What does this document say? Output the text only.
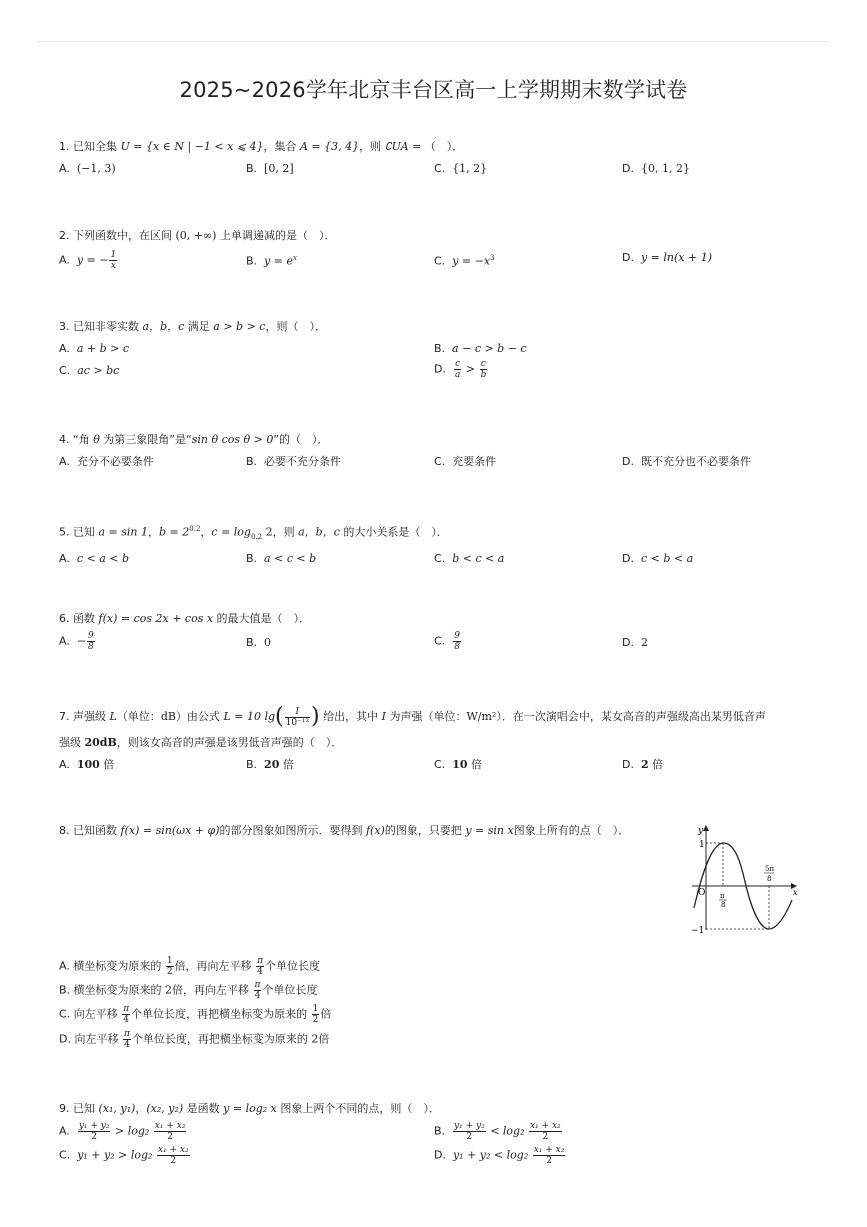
2025~2026学年北京丰台区高一上学期期末数学试卷
1. 已知全集 U = {x ∈ N | −1 < x ⩽ 4}，集合 A = {3, 4}，则 ∁UA = （　）．
A. (−1, 3)	B. [0, 2]	C. {1, 2}	D. {0, 1, 2}
2. 下列函数中，在区间 (0, +∞) 上单调递减的是（　）．
A. y = − $\frac{1}{x}$	B. $y = e^x$	C. $y = -x^3$	D. y = ln(x + 1)
3. 已知非零实数 a，b，c 满足 a > b > c，则（　）．
A. a + b > c	B. a − c > b − c
C. ac > bc	D. $\frac{c}{a} > \frac{c}{b}$
4. “角 θ 为第三象限角”是“sin θ cos θ > 0”的（　）．
A. 充分不必要条件	B. 必要不充分条件	C. 充要条件	D. 既不充分也不必要条件
5. 已知 a = sin 1，$b = 2^{0.2}$，$c = \log_{0.2} 2$，则 a，b，c 的大小关系是（　）．
A. c < a < b	B. a < c < b	C. b < c < a	D. c < b < a
6. 函数 f(x) = cos 2x + cos x 的最大值是（　）．
A. − $\frac{9}{8}$	B. 0	C. $\frac{9}{8}$	D. 2
7. 声强级 L（单位：dB）由公式 L = 10 $\lg( \frac{I}{\text{10⁻¹²}}$ ) 给出，其中 I 为声强（单位：W/m²）．在一次演唱会中，某女高音的声强级高出某男低音声
强级 20dB，则该女高音的声强是该男低音声强的（　）．
A. 100 倍	B. 20 倍	C. 10 倍	D. 2 倍
8. 已知函数 f(x) = sin(ωx + φ)的部分图象如图所示．要得到 f(x)的图象，只要把 y = sin x图象上所有的点（　）．	y
x
O
1
−1
π
8
5π
8
A. 横坐标变为原来的 $\frac{1}{2}$ 倍，再向左平移 $\frac{\pi}{4}$ 个单位长度
B. 横坐标变为原来的 2倍，再向左平移 $\frac{\pi}{4}$ 个单位长度
C. 向左平移 $\frac{\pi}{4}$ 个单位长度，再把横坐标变为原来的 $\frac{1}{2}$ 倍
D. 向左平移 $\frac{\pi}{4}$ 个单位长度，再把横坐标变为原来的 2倍
9. 已知 (x₁, y₁)，(x₂, y₂) 是函数 y = log₂ x 图象上两个不同的点，则（　）．
A. $\frac{\text{y₁ + y₂}}{2} > \log_2 \frac{\text{x₁ + x₂}}{2}$	B. $\frac{\text{y₁ + y₂}}{2} < \log_2 \frac{\text{x₁ + x₂}}{2}$
C. $y_1 + y_2 > \log_2 \frac{\text{x₁ + x₂}}{2}$	D. $y_1 + y_2 < \log_2 \frac{\text{x₁ + x₂}}{2}$
